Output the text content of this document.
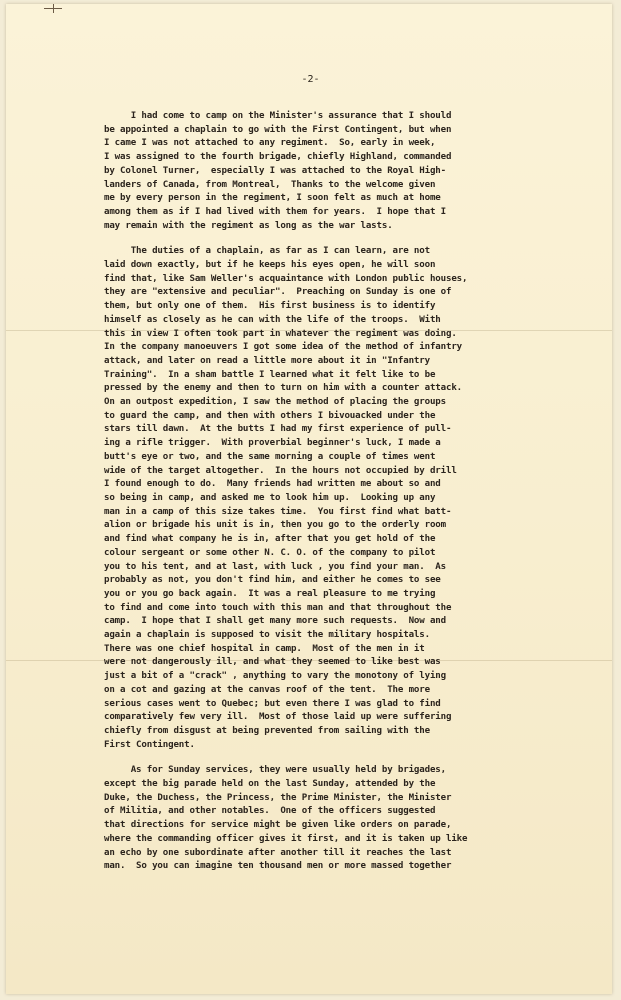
-2-

I had come to camp on the Minister's assurance that I should
be appointed a chaplain to go with the First Contingent, but when
I came I was not attached to any regiment.  So, early in week,
I was assigned to the fourth brigade, chiefly Highland, commanded
by Colonel Turner,  especially I was attached to the Royal High-
landers of Canada, from Montreal,  Thanks to the welcome given
me by every person in the regiment, I soon felt as much at home
among them as if I had lived with them for years.  I hope that I
may remain with the regiment as long as the war lasts.
The duties of a chaplain, as far as I can learn, are not
laid down exactly, but if he keeps his eyes open, he will soon
find that, like Sam Weller's acquaintance with London public houses,
they are "extensive and peculiar".  Preaching on Sunday is one of
them, but only one of them.  His first business is to identify
himself as closely as he can with the life of the troops.  With
this in view I often took part in whatever the regiment was doing.
In the company manoeuvers I got some idea of the method of infantry
attack, and later on read a little more about it in "Infantry
Training".  In a sham battle I learned what it felt like to be
pressed by the enemy and then to turn on him with a counter attack.
On an outpost expedition, I saw the method of placing the groups
to guard the camp, and then with others I bivouacked under the
stars till dawn.  At the butts I had my first experience of pull-
ing a rifle trigger.  With proverbial beginner's luck, I made a
butt's eye or two, and the same morning a couple of times went
wide of the target altogether.  In the hours not occupied by drill
I found enough to do.  Many friends had written me about so and
so being in camp, and asked me to look him up.  Looking up any
man in a camp of this size takes time.  You first find what batt-
alion or brigade his unit is in, then you go to the orderly room
and find what company he is in, after that you get hold of the
colour sergeant or some other N. C. O. of the company to pilot
you to his tent, and at last, with luck , you find your man.  As
probably as not, you don't find him, and either he comes to see
you or you go back again.  It was a real pleasure to me trying
to find and come into touch with this man and that throughout the
camp.  I hope that I shall get many more such requests.  Now and
again a chaplain is supposed to visit the military hospitals.
There was one chief hospital in camp.  Most of the men in it
were not dangerously ill, and what they seemed to like best was
just a bit of a "crack" , anything to vary the monotony of lying
on a cot and gazing at the canvas roof of the tent.  The more
serious cases went to Quebec; but even there I was glad to find
comparatively few very ill.  Most of those laid up were suffering
chiefly from disgust at being prevented from sailing with the
First Contingent.
As for Sunday services, they were usually held by brigades,
except the big parade held on the last Sunday, attended by the
Duke, the Duchess, the Princess, the Prime Minister, the Minister
of Militia, and other notables.  One of the officers suggested
that directions for service might be given like orders on parade,
where the commanding officer gives it first, and it is taken up like
an echo by one subordinate after another till it reaches the last
man.  So you can imagine ten thousand men or more massed together
